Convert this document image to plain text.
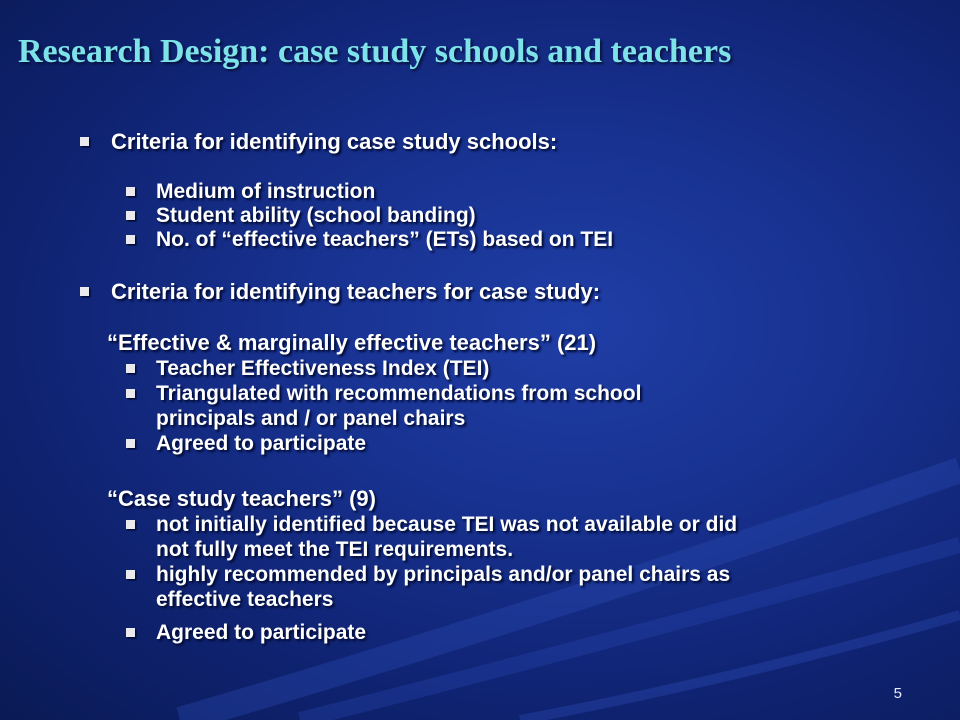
Research Design: case study schools and teachers

Criteria for identifying case study schools:

Medium of instruction

Student ability (school banding)

No. of “effective teachers” (ETs) based on TEI

Criteria for identifying teachers for case study:

“Effective & marginally effective teachers” (21)

Teacher Effectiveness Index (TEI)

Triangulated with recommendations from school

principals and / or panel chairs

Agreed to participate

“Case study teachers” (9)

not initially identified because TEI was not available or did

not fully meet the TEI requirements.

highly recommended by principals and/or panel chairs as

effective teachers

Agreed to participate

5
